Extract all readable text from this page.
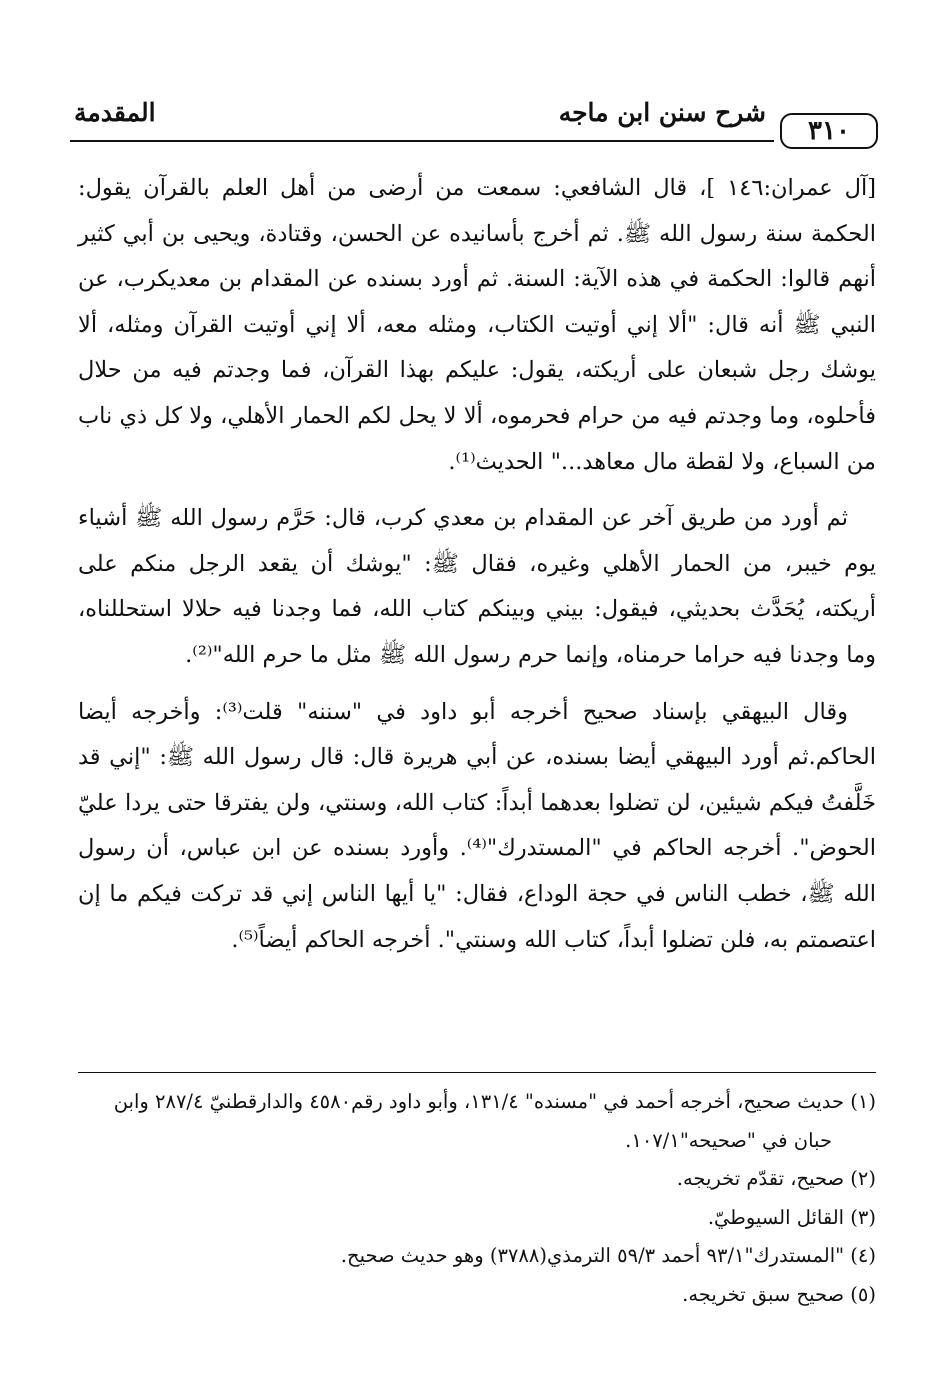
٣١٠
شرح سنن ابن ماجه
المقدمة

[آل عمران:١٤٦ ]، قال الشافعي: سمعت من أرضى من أهل العلم بالقرآن يقول: الحكمة سنة رسول الله ﷺ. ثم أخرج بأسانيده عن الحسن، وقتادة، ويحيى بن أبي كثير أنهم قالوا: الحكمة في هذه الآية: السنة. ثم أورد بسنده عن المقدام بن معديكرب، عن النبي ﷺ أنه قال: "ألا إني أوتيت الكتاب، ومثله معه، ألا إني أوتيت القرآن ومثله، ألا يوشك رجل شبعان على أريكته، يقول: عليكم بهذا القرآن، فما وجدتم فيه من حلال فأحلوه، وما وجدتم فيه من حرام فحرموه، ألا لا يحل لكم الحمار الأهلي، ولا كل ذي ناب من السباع، ولا لقطة مال معاهد..." الحديث⁽¹⁾.

ثم أورد من طريق آخر عن المقدام بن معدي كرب، قال: حَرَّم رسول الله ﷺ أشياء يوم خيبر، من الحمار الأهلي وغيره، فقال ﷺ: "يوشك أن يقعد الرجل منكم على أريكته، يُحَدَّث بحديثي، فيقول: بيني وبينكم كتاب الله، فما وجدنا فيه حلالا استحللناه، وما وجدنا فيه حراما حرمناه، وإنما حرم رسول الله ﷺ مثل ما حرم الله"⁽²⁾.

وقال البيهقي بإسناد صحيح أخرجه أبو داود في "سننه" قلت⁽³⁾: وأخرجه أيضا الحاكم.ثم أورد البيهقي أيضا بسنده، عن أبي هريرة قال: قال رسول الله ﷺ: "إني قد خَلَّفتُ فيكم شيئين، لن تضلوا بعدهما أبداً: كتاب الله، وسنتي، ولن يفترقا حتى يردا عليّ الحوض". أخرجه الحاكم في "المستدرك"⁽⁴⁾. وأورد بسنده عن ابن عباس، أن رسول الله ﷺ، خطب الناس في حجة الوداع، فقال: "يا أيها الناس إني قد تركت فيكم ما إن اعتصمتم به، فلن تضلوا أبداً، كتاب الله وسنتي". أخرجه الحاكم أيضاً⁽⁵⁾.

(١) حديث صحيح، أخرجه أحمد في "مسنده" ١٣١/٤، وأبو داود رقم٤٥٨٠ والدارقطنيّ ٢٨٧/٤ وابن حبان في "صحيحه"١٠٧/١.

(٢) صحيح، تقدّم تخريجه.

(٣) القائل السيوطيّ.

(٤) "المستدرك"٩٣/١ أحمد ٥٩/٣ الترمذي(٣٧٨٨) وهو حديث صحيح.

(٥) صحيح سبق تخريجه.
